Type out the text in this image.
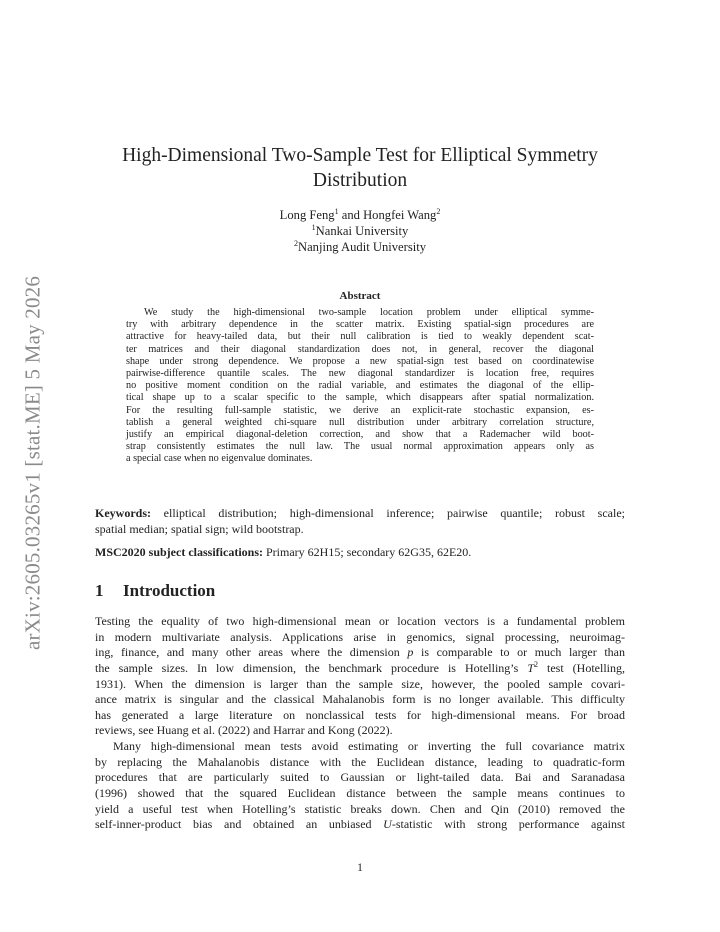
arXiv:2605.03265v1 [stat.ME] 5 May 2026
High-Dimensional Two-Sample Test for Elliptical Symmetry
Distribution
Long Feng$^1$ and Hongfei Wang$^2$
$^1$Nankai University
$^2$Nanjing Audit University
Abstract
We study the high-dimensional two-sample location problem under elliptical symme-
try with arbitrary dependence in the scatter matrix. Existing spatial-sign procedures are
attractive for heavy-tailed data, but their null calibration is tied to weakly dependent scat-
ter matrices and their diagonal standardization does not, in general, recover the diagonal
shape under strong dependence. We propose a new spatial-sign test based on coordinatewise
pairwise-difference quantile scales. The new diagonal standardizer is location free, requires
no positive moment condition on the radial variable, and estimates the diagonal of the ellip-
tical shape up to a scalar specific to the sample, which disappears after spatial normalization.
For the resulting full-sample statistic, we derive an explicit-rate stochastic expansion, es-
tablish a general weighted chi-square null distribution under arbitrary correlation structure,
justify an empirical diagonal-deletion correction, and show that a Rademacher wild boot-
strap consistently estimates the null law. The usual normal approximation appears only as
a special case when no eigenvalue dominates.
Keywords: elliptical distribution; high-dimensional inference; pairwise quantile; robust scale;
spatial median; spatial sign; wild bootstrap.
MSC2020 subject classifications: Primary 62H15; secondary 62G35, 62E20.
1 Introduction
Testing the equality of two high-dimensional mean or location vectors is a fundamental problem
in modern multivariate analysis. Applications arise in genomics, signal processing, neuroimag-
ing, finance, and many other areas where the dimension p is comparable to or much larger than
the sample sizes. In low dimension, the benchmark procedure is Hotelling’s $T^2$ test (Hotelling,
1931). When the dimension is larger than the sample size, however, the pooled sample covari-
ance matrix is singular and the classical Mahalanobis form is no longer available. This difficulty
has generated a large literature on nonclassical tests for high-dimensional means. For broad
reviews, see Huang et al. (2022) and Harrar and Kong (2022).
Many high-dimensional mean tests avoid estimating or inverting the full covariance matrix
by replacing the Mahalanobis distance with the Euclidean distance, leading to quadratic-form
procedures that are particularly suited to Gaussian or light-tailed data. Bai and Saranadasa
(1996) showed that the squared Euclidean distance between the sample means continues to
yield a useful test when Hotelling’s statistic breaks down. Chen and Qin (2010) removed the
self-inner-product bias and obtained an unbiased U-statistic with strong performance against
1
